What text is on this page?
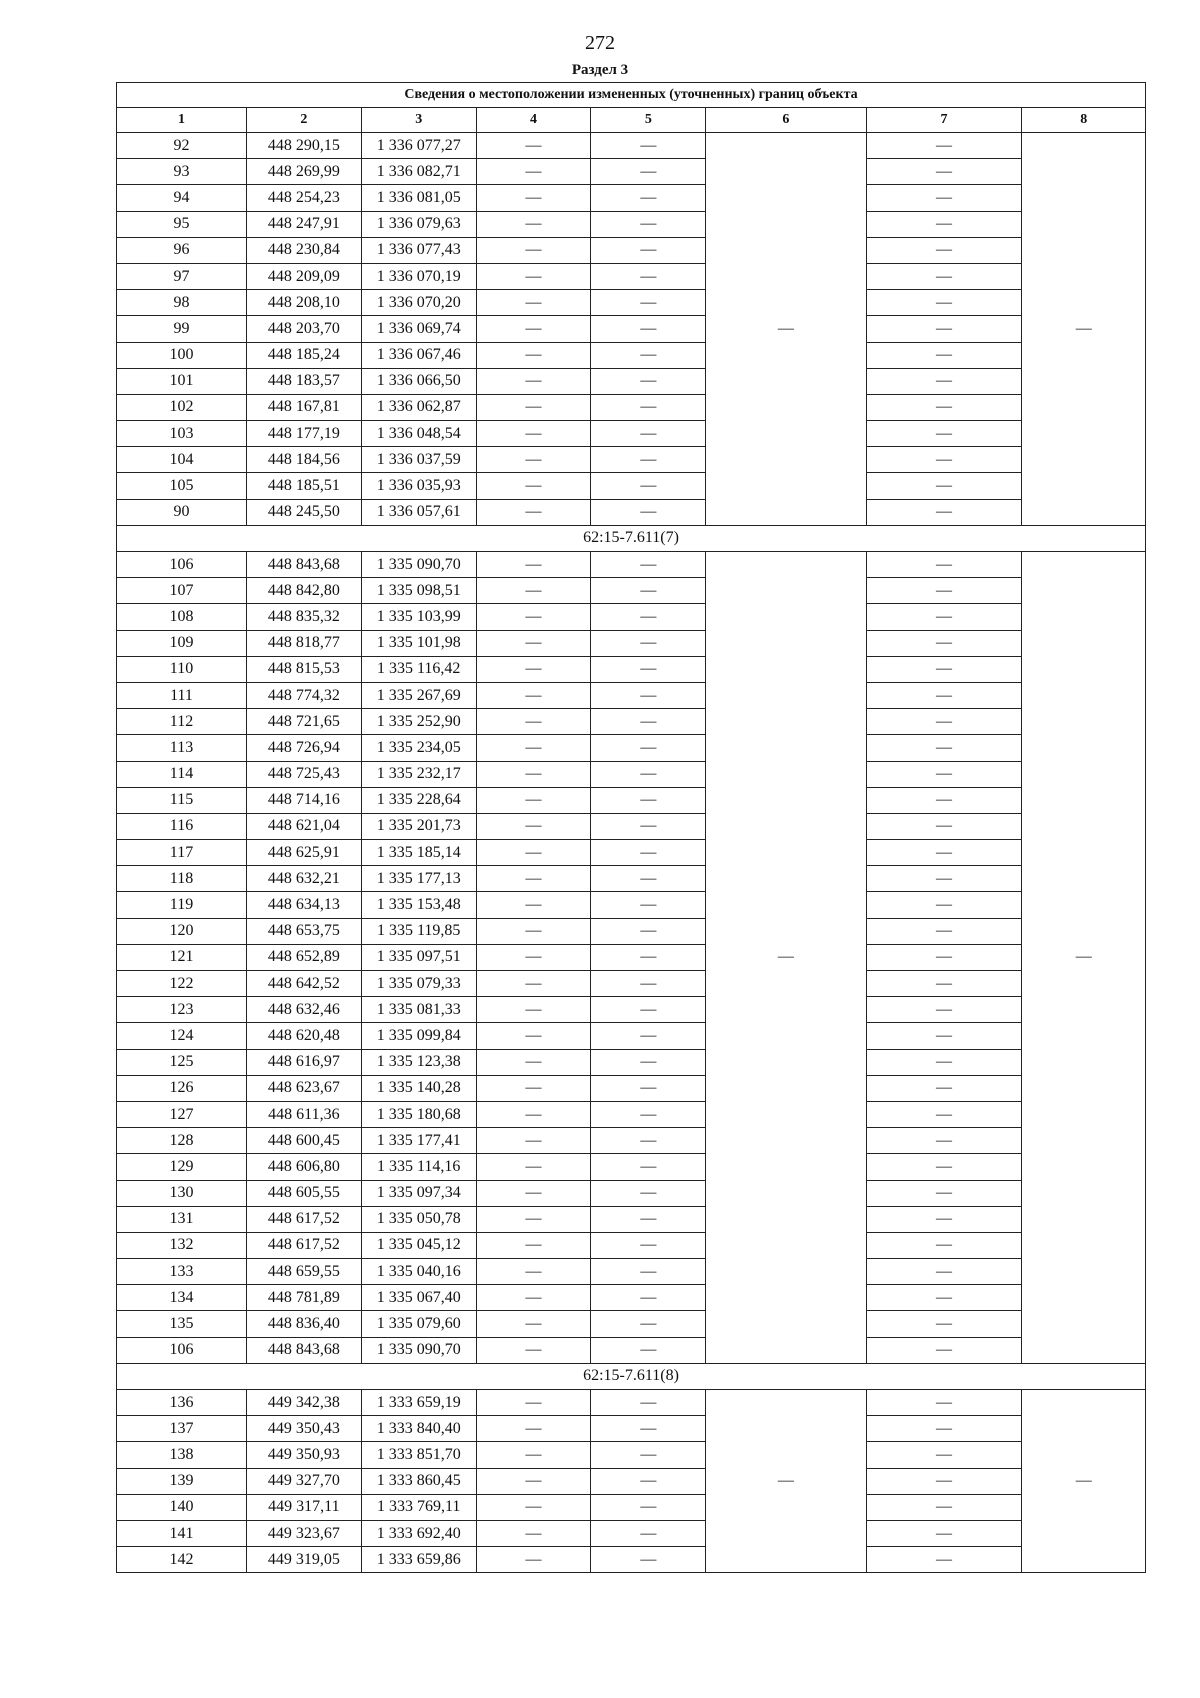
272
Раздел 3
Сведения о местоположении измененных (уточненных) границ объекта							
1	2	3	4	5	6	7	8
92	448 290,15	1 336 077,27	—	—	—	—	—
93	448 269,99	1 336 082,71	—	—		—	
94	448 254,23	1 336 081,05	—	—		—	
95	448 247,91	1 336 079,63	—	—		—	
96	448 230,84	1 336 077,43	—	—		—	
97	448 209,09	1 336 070,19	—	—		—	
98	448 208,10	1 336 070,20	—	—		—	
99	448 203,70	1 336 069,74	—	—		—	
100	448 185,24	1 336 067,46	—	—		—	
101	448 183,57	1 336 066,50	—	—		—	
102	448 167,81	1 336 062,87	—	—		—	
103	448 177,19	1 336 048,54	—	—		—	
104	448 184,56	1 336 037,59	—	—		—	
105	448 185,51	1 336 035,93	—	—		—	
90	448 245,50	1 336 057,61	—	—		—	
62:15-7.611(7)							
106	448 843,68	1 335 090,70	—	—	—	—	—
107	448 842,80	1 335 098,51	—	—		—	
108	448 835,32	1 335 103,99	—	—		—	
109	448 818,77	1 335 101,98	—	—		—	
110	448 815,53	1 335 116,42	—	—		—	
111	448 774,32	1 335 267,69	—	—		—	
112	448 721,65	1 335 252,90	—	—		—	
113	448 726,94	1 335 234,05	—	—		—	
114	448 725,43	1 335 232,17	—	—		—	
115	448 714,16	1 335 228,64	—	—		—	
116	448 621,04	1 335 201,73	—	—		—	
117	448 625,91	1 335 185,14	—	—		—	
118	448 632,21	1 335 177,13	—	—		—	
119	448 634,13	1 335 153,48	—	—		—	
120	448 653,75	1 335 119,85	—	—		—	
121	448 652,89	1 335 097,51	—	—		—	
122	448 642,52	1 335 079,33	—	—		—	
123	448 632,46	1 335 081,33	—	—		—	
124	448 620,48	1 335 099,84	—	—		—	
125	448 616,97	1 335 123,38	—	—		—	
126	448 623,67	1 335 140,28	—	—		—	
127	448 611,36	1 335 180,68	—	—		—	
128	448 600,45	1 335 177,41	—	—		—	
129	448 606,80	1 335 114,16	—	—		—	
130	448 605,55	1 335 097,34	—	—		—	
131	448 617,52	1 335 050,78	—	—		—	
132	448 617,52	1 335 045,12	—	—		—	
133	448 659,55	1 335 040,16	—	—		—	
134	448 781,89	1 335 067,40	—	—		—	
135	448 836,40	1 335 079,60	—	—		—	
106	448 843,68	1 335 090,70	—	—		—	
62:15-7.611(8)							
136	449 342,38	1 333 659,19	—	—	—	—	—
137	449 350,43	1 333 840,40	—	—		—	
138	449 350,93	1 333 851,70	—	—		—	
139	449 327,70	1 333 860,45	—	—		—	
140	449 317,11	1 333 769,11	—	—		—	
141	449 323,67	1 333 692,40	—	—		—	
142	449 319,05	1 333 659,86	—	—		—	
